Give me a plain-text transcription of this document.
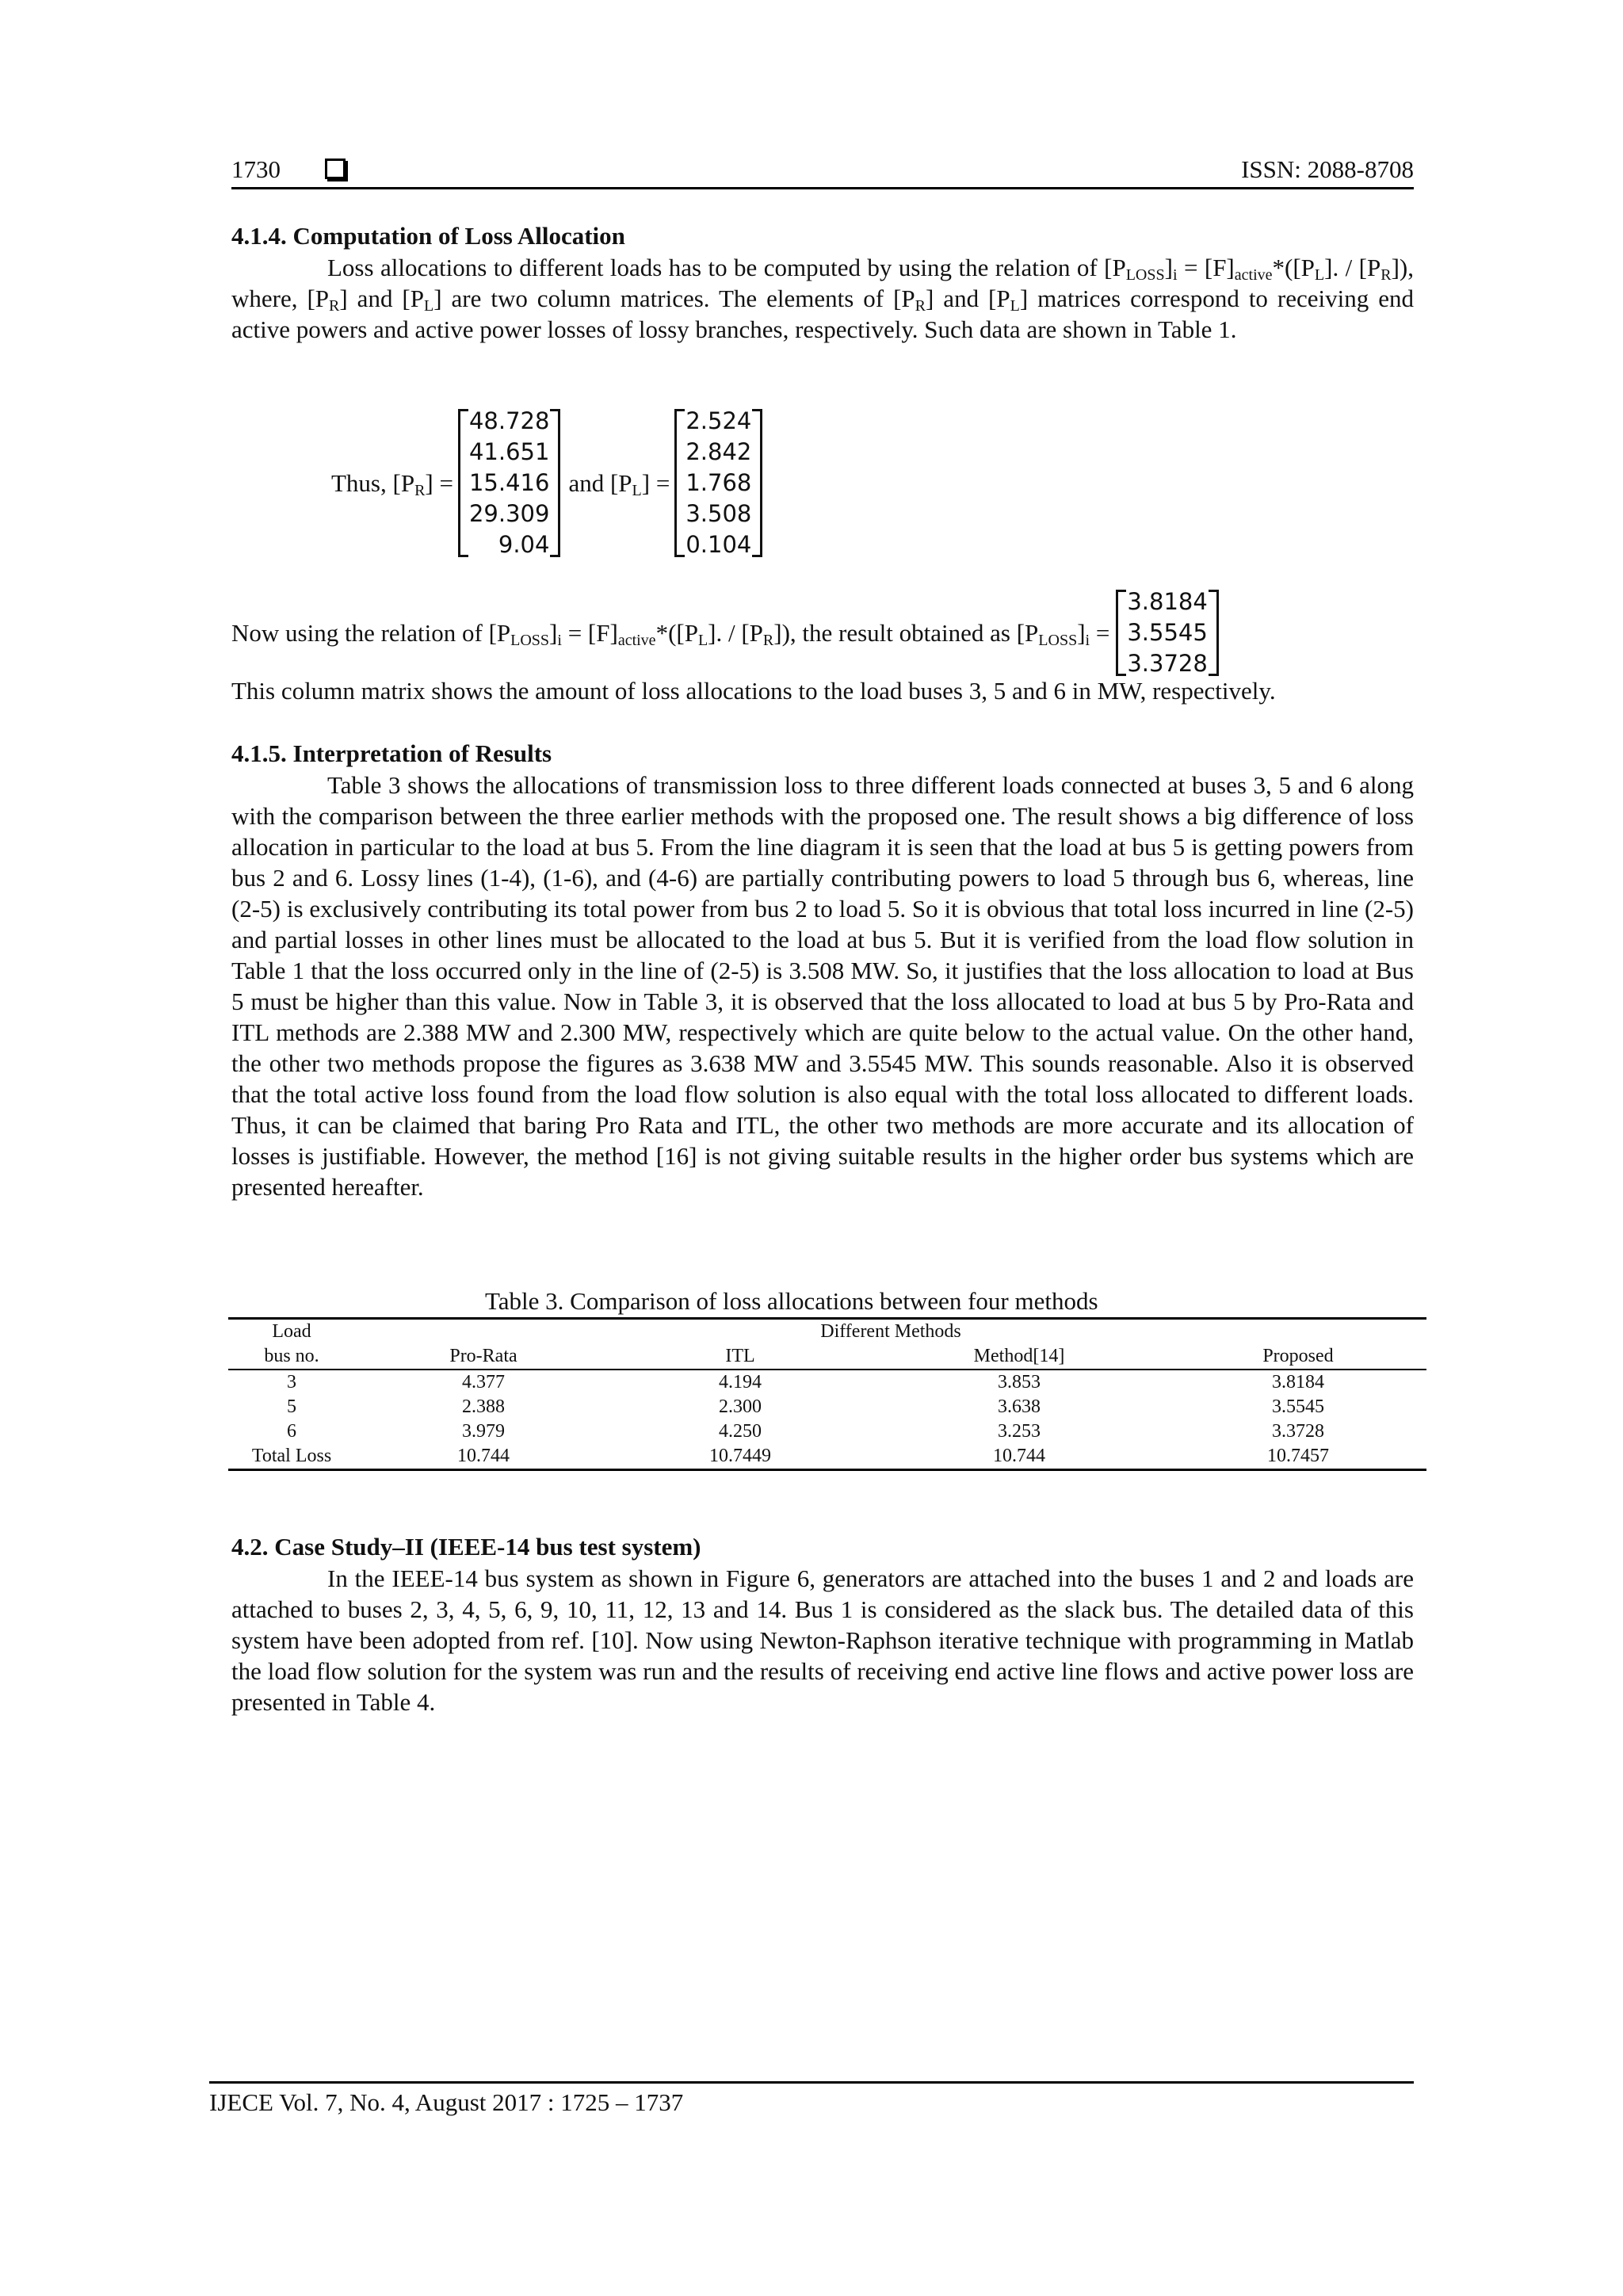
1730	ISSN: 2088-8708
4.1.4. Computation of Loss Allocation
Loss allocations to different loads has to be computed by using the relation of $[P_{LOSS}]_i = [F]_{active}*([P_L]$. / $[P_R]$), where, $[P_R]$ and $[P_L]$ are two column matrices. The elements of $[P_R]$ and $[P_L]$ matrices correspond to receiving end active powers and active power losses of lossy branches, respectively. Such data are shown in Table 1.
Thus, $[P_R]$ =
48.728
41.651
15.416
29.309
9.04
and $[P_L]$ =
2.524
2.842
1.768
3.508
0.104
Now using the relation of $[P_{LOSS}]_i = [F]_{active}*([P_L]$. / $[P_R]$), the result obtained as $[P_{LOSS}]_i$ =
3.8184
3.5545
3.3728
This column matrix shows the amount of loss allocations to the load buses 3, 5 and 6 in MW, respectively.
4.1.5. Interpretation of Results
Table 3 shows the allocations of transmission loss to three different loads connected at buses 3, 5 and 6 along with the comparison between the three earlier methods with the proposed one. The result shows a big difference of loss allocation in particular to the load at bus 5. From the line diagram it is seen that the load at bus 5 is getting powers from bus 2 and 6. Lossy lines (1-4), (1-6), and (4-6) are partially contributing powers to load 5 through bus 6, whereas, line (2-5) is exclusively contributing its total power from bus 2 to load 5. So it is obvious that total loss incurred in line (2-5) and partial losses in other lines must be allocated to the load at bus 5. But it is verified from the load flow solution in Table 1 that the loss occurred only in the line of (2-5) is 3.508 MW. So, it justifies that the loss allocation to load at Bus 5 must be higher than this value. Now in Table 3, it is observed that the loss allocated to load at bus 5 by Pro-Rata and ITL methods are 2.388 MW and 2.300 MW, respectively which are quite below to the actual value. On the other hand, the other two methods propose the figures as 3.638 MW and 3.5545 MW. This sounds reasonable. Also it is observed that the total active loss found from the load flow solution is also equal with the total loss allocated to different loads. Thus, it can be claimed that baring Pro Rata and ITL, the other two methods are more accurate and its allocation of losses is justifiable. However, the method [16] is not giving suitable results in the higher order bus systems which are presented hereafter.
Table 3. Comparison of loss allocations between four methods
Load	Different Methods			
bus no.	Pro-Rata	ITL	Method[14]	Proposed
3	4.377	4.194	3.853	3.8184
5	2.388	2.300	3.638	3.5545
6	3.979	4.250	3.253	3.3728
Total Loss	10.744	10.7449	10.744	10.7457
4.2. Case Study–II (IEEE-14 bus test system)
In the IEEE-14 bus system as shown in Figure 6, generators are attached into the buses 1 and 2 and loads are attached to buses 2, 3, 4, 5, 6, 9, 10, 11, 12, 13 and 14. Bus 1 is considered as the slack bus. The detailed data of this system have been adopted from ref. [10]. Now using Newton-Raphson iterative technique with programming in Matlab the load flow solution for the system was run and the results of receiving end active line flows and active power loss are presented in Table 4.
IJECE Vol. 7, No. 4, August 2017 : 1725 – 1737
